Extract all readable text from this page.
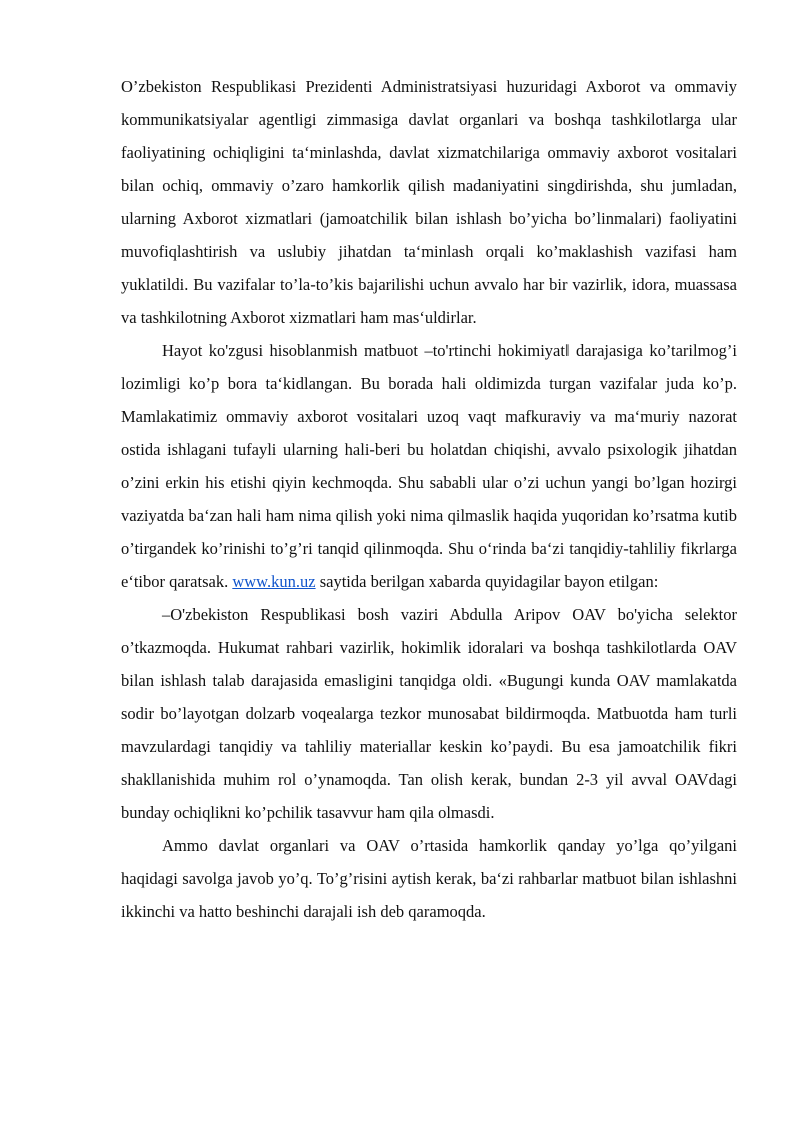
O’zbekiston Respublikasi Prezidenti Administratsiyasi huzuridagi Axborot va ommaviy kommunikatsiyalar agentligi zimmasiga davlat organlari va boshqa tashkilotlarga ular faoliyatining ochiqligini ta‘minlashda, davlat xizmatchilariga ommaviy axborot vositalari bilan ochiq, ommaviy o’zaro hamkorlik qilish madaniyatini singdirishda, shu jumladan, ularning Axborot xizmatlari (jamoatchilik bilan ishlash bo’yicha bo’linmalari) faoliyatini muvofiqlashtirish va uslubiy jihatdan ta‘minlash orqali ko’maklashish vazifasi ham yuklatildi. Bu vazifalar to’la-to’kis bajarilishi uchun avvalo har bir vazirlik, idora, muassasa va tashkilotning Axborot xizmatlari ham mas‘uldirlar.

Hayot ko'zgusi hisoblanmish matbuot –to'rtinchi hokimiyat‖ darajasiga ko’tarilmog’i lozimligi ko’p bora ta‘kidlangan. Bu borada hali oldimizda turgan vazifalar juda ko’p. Mamlakatimiz ommaviy axborot vositalari uzoq vaqt mafkuraviy va ma‘muriy nazorat ostida ishlagani tufayli ularning hali-beri bu holatdan chiqishi, avvalo psixologik jihatdan o’zini erkin his etishi qiyin kechmoqda. Shu sababli ular o’zi uchun yangi bo’lgan hozirgi vaziyatda ba‘zan hali ham nima qilish yoki nima qilmaslik haqida yuqoridan ko’rsatma kutib o’tirgandek ko’rinishi to’g’ri tanqid qilinmoqda. Shu o‘rinda ba‘zi tanqidiy-tahliliy fikrlarga e‘tibor qaratsak. www.kun.uz saytida berilgan xabarda quyidagilar bayon etilgan:

–O'zbekiston Respublikasi bosh vaziri Abdulla Aripov OAV bo'yicha selektor o’tkazmoqda. Hukumat rahbari vazirlik, hokimlik idoralari va boshqa tashkilotlarda OAV bilan ishlash talab darajasida emasligini tanqidga oldi. «Bugungi kunda OAV mamlakatda sodir bo’layotgan dolzarb voqealarga tezkor munosabat bildirmoqda. Matbuotda ham turli mavzulardagi tanqidiy va tahliliy materiallar keskin ko’paydi. Bu esa jamoatchilik fikri shakllanishida muhim rol o’ynamoqda. Tan olish kerak, bundan 2-3 yil avval OAVdagi bunday ochiqlikni ko’pchilik tasavvur ham qila olmasdi.

Ammo davlat organlari va OAV o’rtasida hamkorlik qanday yo’lga qo’yilgani haqidagi savolga javob yo’q. To’g’risini aytish kerak, ba‘zi rahbarlar matbuot bilan ishlashni ikkinchi va hatto beshinchi darajali ish deb qaramoqda.
